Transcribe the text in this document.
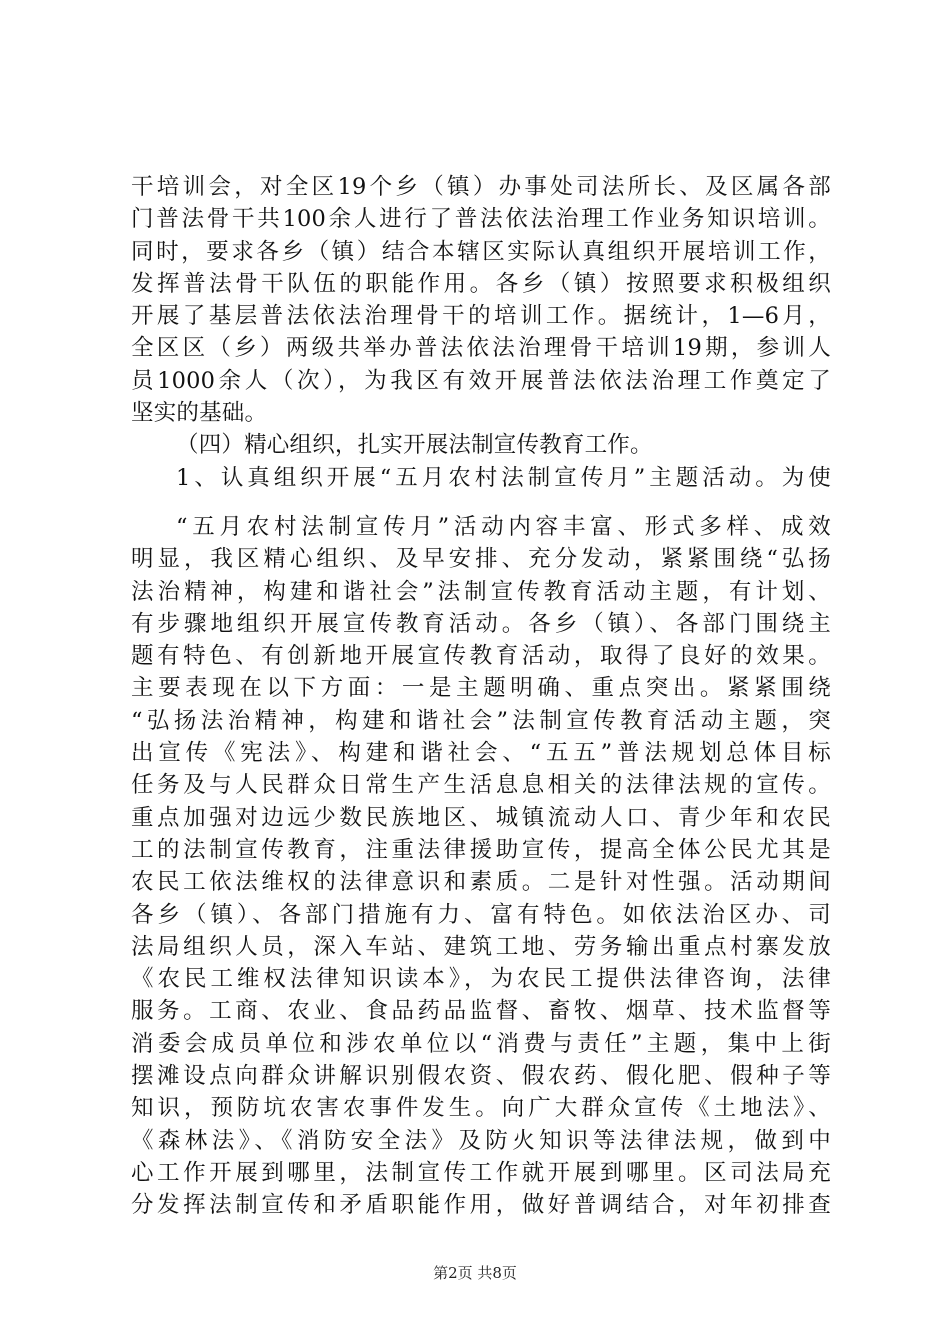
干培训会，对全区19个乡（镇）办事处司法所长、及区属各部
门普法骨干共100余人进行了普法依法治理工作业务知识培训。
同时，要求各乡（镇）结合本辖区实际认真组织开展培训工作，
发挥普法骨干队伍的职能作用。各乡（镇）按照要求积极组织
开展了基层普法依法治理骨干的培训工作。据统计，1—6月，
全区区（乡）两级共举办普法依法治理骨干培训19期，参训人
员1000余人（次），为我区有效开展普法依法治理工作奠定了
坚实的基础。
（四）精心组织，扎实开展法制宣传教育工作。
1、认真组织开展“五月农村法制宣传月”主题活动。为使
“五月农村法制宣传月”活动内容丰富、形式多样、成效
明显，我区精心组织、及早安排、充分发动，紧紧围绕“弘扬
法治精神，构建和谐社会”法制宣传教育活动主题，有计划、
有步骤地组织开展宣传教育活动。各乡（镇）、各部门围绕主
题有特色、有创新地开展宣传教育活动，取得了良好的效果。
主要表现在以下方面：一是主题明确、重点突出。紧紧围绕
“弘扬法治精神，构建和谐社会”法制宣传教育活动主题，突
出宣传《宪法》、构建和谐社会、“五五”普法规划总体目标
任务及与人民群众日常生产生活息息相关的法律法规的宣传。
重点加强对边远少数民族地区、城镇流动人口、青少年和农民
工的法制宣传教育，注重法律援助宣传，提高全体公民尤其是
农民工依法维权的法律意识和素质。二是针对性强。活动期间
各乡（镇）、各部门措施有力、富有特色。如依法治区办、司
法局组织人员，深入车站、建筑工地、劳务输出重点村寨发放
《农民工维权法律知识读本》，为农民工提供法律咨询，法律
服务。工商、农业、食品药品监督、畜牧、烟草、技术监督等
消委会成员单位和涉农单位以“消费与责任”主题，集中上街
摆滩设点向群众讲解识别假农资、假农药、假化肥、假种子等
知识，预防坑农害农事件发生。向广大群众宣传《土地法》、
《森林法》、《消防安全法》及防火知识等法律法规，做到中
心工作开展到哪里，法制宣传工作就开展到哪里。区司法局充
分发挥法制宣传和矛盾职能作用，做好普调结合，对年初排查
第2页 共8页
